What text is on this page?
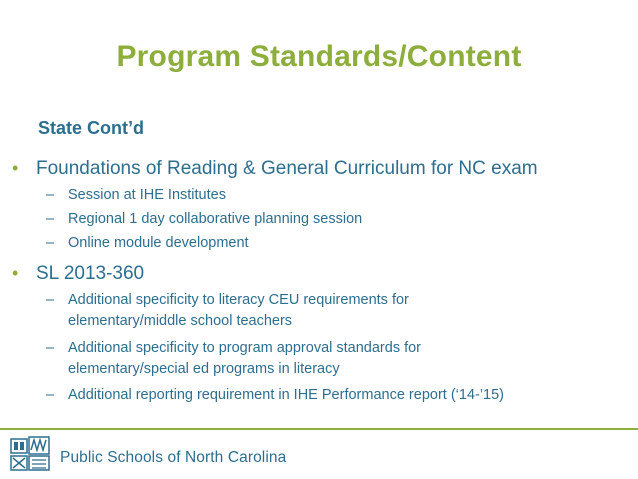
Program Standards/Content
State Cont’d
• Foundations of Reading & General Curriculum for NC exam
– Session at IHE Institutes
– Regional 1 day collaborative planning session
– Online module development
• SL 2013-360
– Additional specificity to literacy CEU requirements for elementary/middle school teachers
– Additional specificity to program approval standards for elementary/special ed programs in literacy
– Additional reporting requirement in IHE Performance report (‘14-’15)
Public Schools of North Carolina
